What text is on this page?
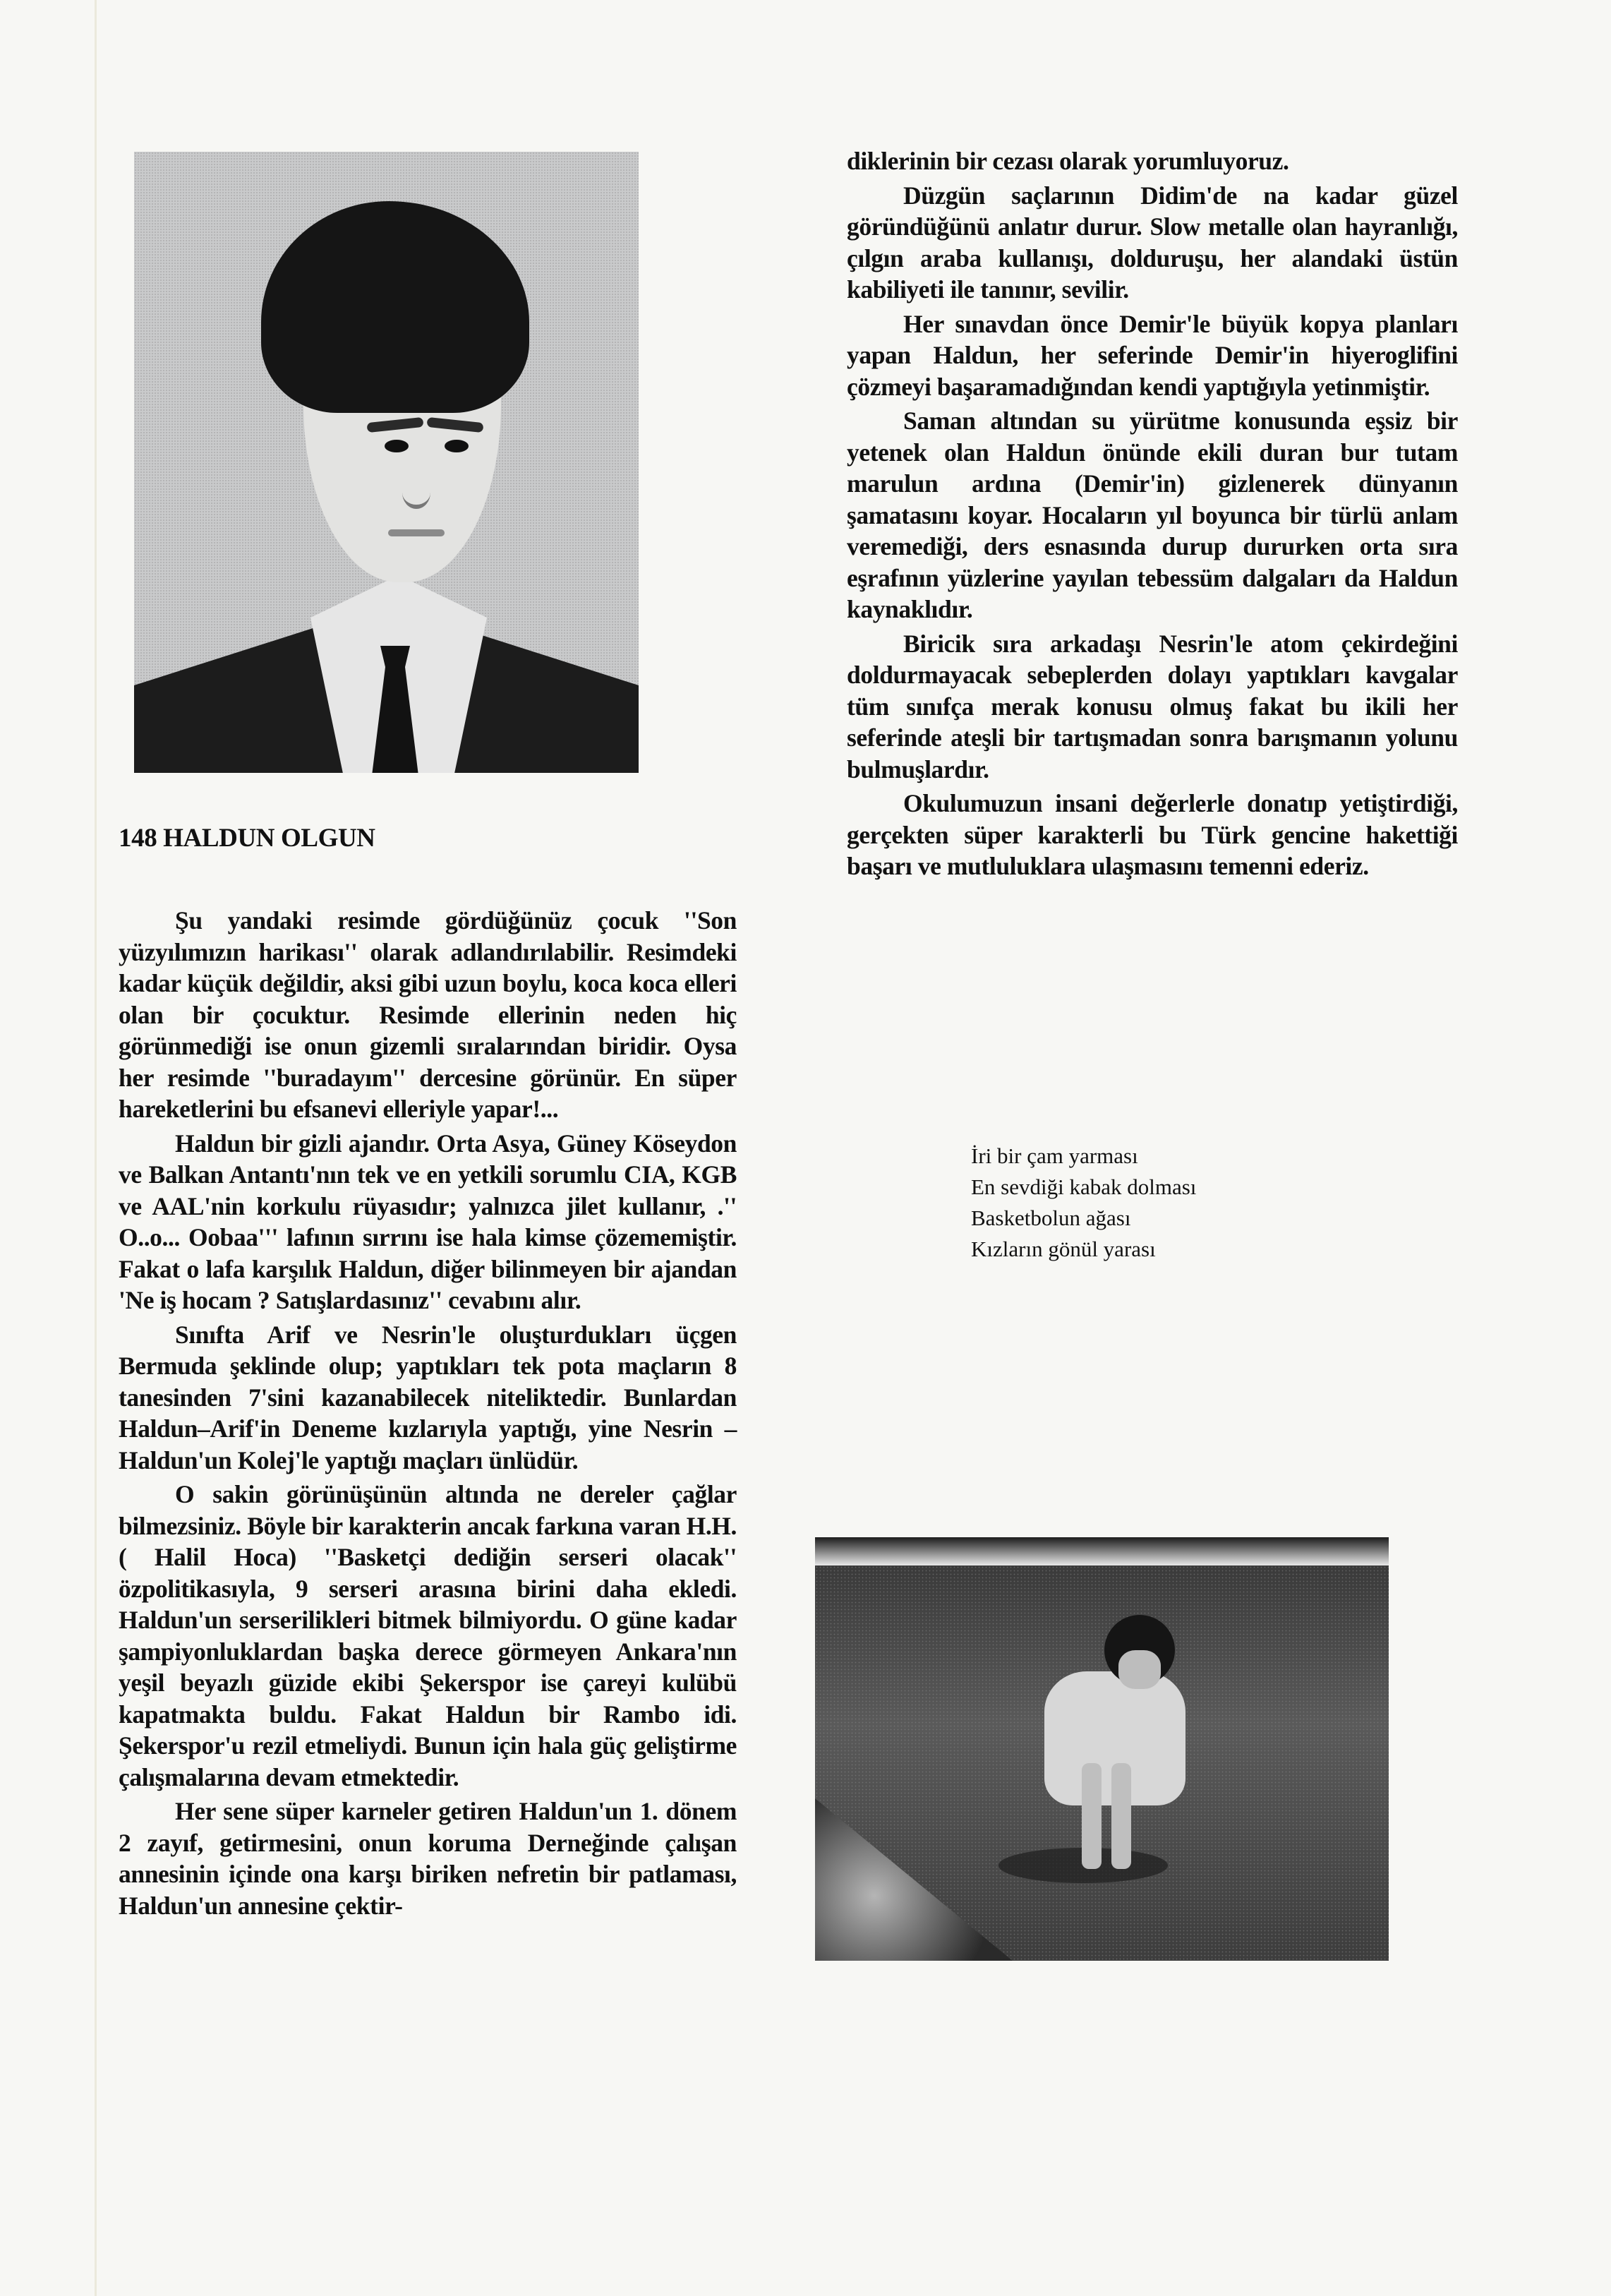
148 HALDUN OLGUN

Şu yandaki resimde gördüğünüz çocuk ''Son yüzyılımızın harikası'' olarak adlandırılabilir. Resimdeki kadar küçük değildir, aksi gibi uzun boylu, koca koca elleri olan bir çocuktur. Resimde ellerinin neden hiç görünmediği ise onun gizemli sıralarından biridir. Oysa her resimde ''buradayım'' dercesine görünür. En süper hareketlerini bu efsanevi elleriyle yapar!...

Haldun bir gizli ajandır. Orta Asya, Güney Köseydon ve Balkan Antantı'nın tek ve en yetkili sorumlu CIA, KGB ve AAL'nin korkulu rüyasıdır; yalnızca jilet kullanır, .'' O..o... Oobaa''' lafının sırrını ise hala kimse çözememiştir. Fakat o lafa karşılık Haldun, diğer bilinmeyen bir ajandan 'Ne iş hocam ? Satışlardasınız'' cevabını alır.

Sınıfta Arif ve Nesrin'le oluşturdukları üçgen Bermuda şeklinde olup; yaptıkları tek pota maçların 8 tanesinden 7'sini kazanabilecek niteliktedir. Bunlardan Haldun–Arif'in Deneme kızlarıyla yaptığı, yine Nesrin – Haldun'un Kolej'le yaptığı maçları ünlüdür.

O sakin görünüşünün altında ne dereler çağlar bilmezsiniz. Böyle bir karakterin ancak farkına varan H.H. ( Halil Hoca) ''Basketçi dediğin serseri olacak'' özpolitikasıyla, 9 serseri arasına birini daha ekledi. Haldun'un serserilikleri bitmek bilmiyordu. O güne kadar şampiyonluklardan başka derece görmeyen Ankara'nın yeşil beyazlı güzide ekibi Şekerspor ise çareyi kulübü kapatmakta buldu. Fakat Haldun bir Rambo idi. Şekerspor'u rezil etmeliydi. Bunun için hala güç geliştirme çalışmalarına devam etmektedir.

Her sene süper karneler getiren Haldun'un 1. dönem 2 zayıf, getirmesini, onun koruma Derneğinde çalışan annesinin içinde ona karşı biriken nefretin bir patlaması, Haldun'un annesine çektir-

diklerinin bir cezası olarak yorumluyoruz.

Düzgün saçlarının Didim'de na kadar güzel göründüğünü anlatır durur. Slow metalle olan hayranlığı, çılgın araba kullanışı, dolduruşu, her alandaki üstün kabiliyeti ile tanınır, sevilir.

Her sınavdan önce Demir'le büyük kopya planları yapan Haldun, her seferinde Demir'in hiyeroglifini çözmeyi başaramadığından kendi yaptığıyla yetinmiştir.

Saman altından su yürütme konusunda eşsiz bir yetenek olan Haldun önünde ekili duran bur tutam marulun ardına (Demir'in) gizlenerek dünyanın şamatasını koyar. Hocaların yıl boyunca bir türlü anlam veremediği, ders esnasında durup dururken orta sıra eşrafının yüzlerine yayılan tebessüm dalgaları da Haldun kaynaklıdır.

Biricik sıra arkadaşı Nesrin'le atom çekirdeğini doldurmayacak sebeplerden dolayı yaptıkları kavgalar tüm sınıfça merak konusu olmuş fakat bu ikili her seferinde ateşli bir tartışmadan sonra barışmanın yolunu bulmuşlardır.

Okulumuzun insani değerlerle donatıp yetiştirdiği, gerçekten süper karakterli bu Türk gencine hakettiği başarı ve mutluluklara ulaşmasını temenni ederiz.

İri bir çam yarması
En sevdiği kabak dolması
Basketbolun ağası
Kızların gönül yarası
